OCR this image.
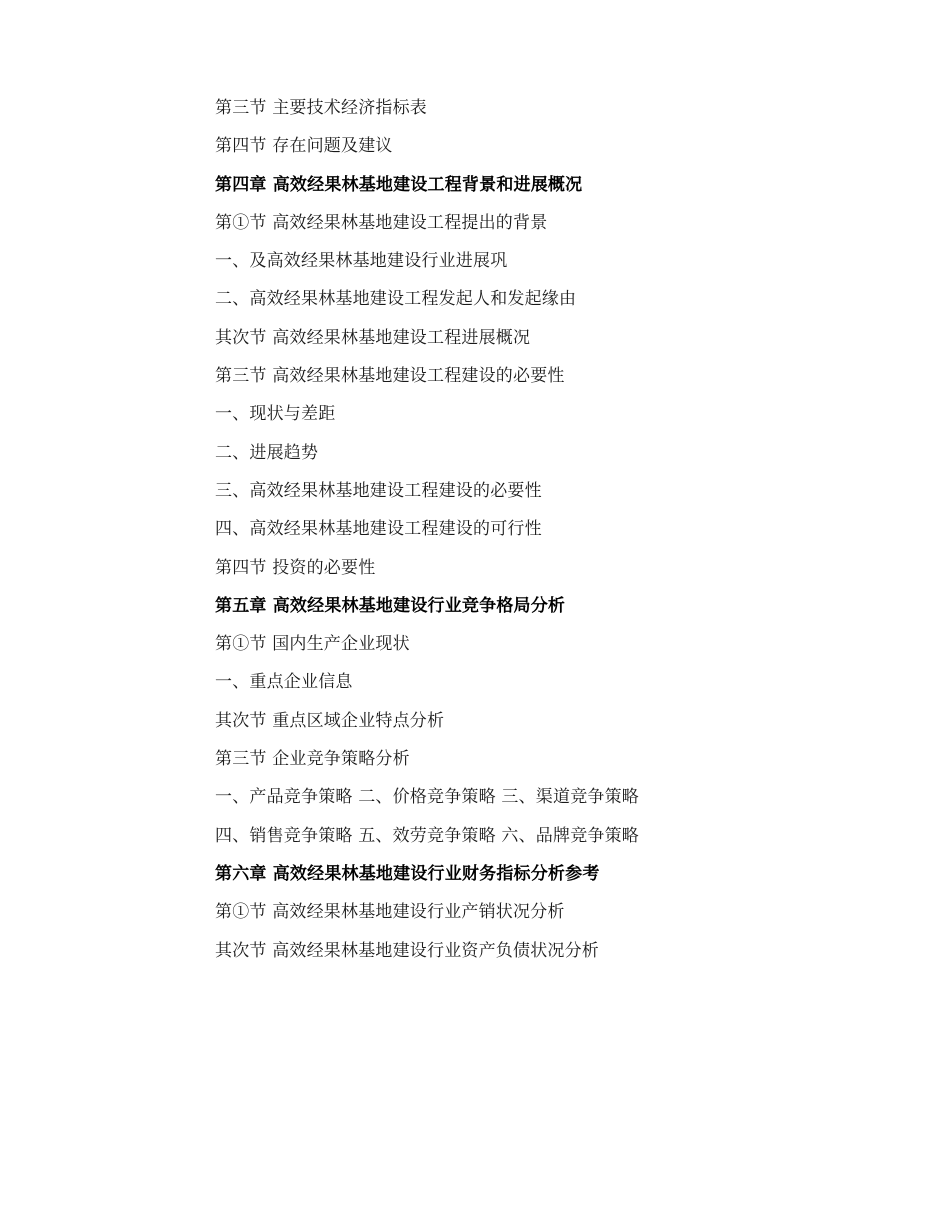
第三节 主要技术经济指标表
第四节 存在问题及建议
第四章 高效经果林基地建设工程背景和进展概况
第①节 高效经果林基地建设工程提出的背景
一、及高效经果林基地建设行业进展巩
二、高效经果林基地建设工程发起人和发起缘由
其次节 高效经果林基地建设工程进展概况
第三节 高效经果林基地建设工程建设的必要性
一、现状与差距
二、进展趋势
三、高效经果林基地建设工程建设的必要性
四、高效经果林基地建设工程建设的可行性
第四节 投资的必要性
第五章 高效经果林基地建设行业竞争格局分析
第①节 国内生产企业现状
一、重点企业信息
其次节 重点区域企业特点分析
第三节 企业竞争策略分析
一、产品竞争策略 二、价格竞争策略 三、渠道竞争策略
四、销售竞争策略 五、效劳竞争策略 六、品牌竞争策略
第六章 高效经果林基地建设行业财务指标分析参考
第①节 高效经果林基地建设行业产销状况分析
其次节 高效经果林基地建设行业资产负债状况分析
